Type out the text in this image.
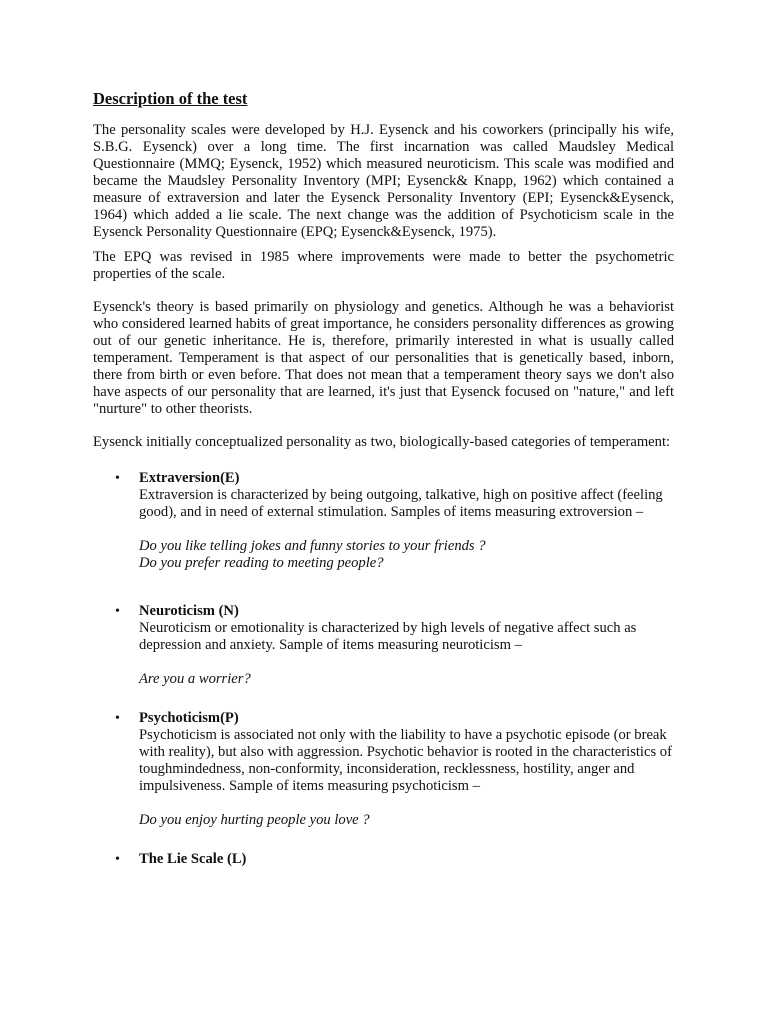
Description of the test

The personality scales were developed by H.J. Eysenck and his coworkers (principally his wife, S.B.G. Eysenck) over a long time. The first incarnation was called Maudsley Medical Questionnaire (MMQ; Eysenck, 1952) which measured neuroticism. This scale was modified and became the Maudsley Personality Inventory (MPI; Eysenck& Knapp, 1962) which contained a measure of extraversion and later the Eysenck Personality Inventory (EPI; Eysenck&Eysenck, 1964) which added a lie scale. The next change was the addition of Psychoticism scale in the Eysenck Personality Questionnaire (EPQ; Eysenck&Eysenck, 1975).

The EPQ was revised in 1985 where improvements were made to better the psychometric properties of the scale.

Eysenck's theory is based primarily on physiology and genetics. Although he was a behaviorist who considered learned habits of great importance, he considers personality differences as growing out of our genetic inheritance. He is, therefore, primarily interested in what is usually called temperament. Temperament is that aspect of our personalities that is genetically based, inborn, there from birth or even before. That does not mean that a temperament theory says we don't also have aspects of our personality that are learned, it's just that Eysenck focused on "nature," and left "nurture" to other theorists.

Eysenck initially conceptualized personality as two, biologically-based categories of temperament:

• Extraversion(E)
Extraversion is characterized by being outgoing, talkative, high on positive affect (feeling good), and in need of external stimulation. Samples of items measuring extroversion –
Do you like telling jokes and funny stories to your friends ?
Do you prefer reading to meeting people?
• Neuroticism (N)
Neuroticism or emotionality is characterized by high levels of negative affect such as depression and anxiety. Sample of items measuring neuroticism –
Are you a worrier?
• Psychoticism(P)
Psychoticism is associated not only with the liability to have a psychotic episode (or break with reality), but also with aggression. Psychotic behavior is rooted in the characteristics of toughmindedness, non-conformity, inconsideration, recklessness, hostility, anger and impulsiveness. Sample of items measuring psychoticism –
Do you enjoy hurting people you love ?
• The Lie Scale (L)
